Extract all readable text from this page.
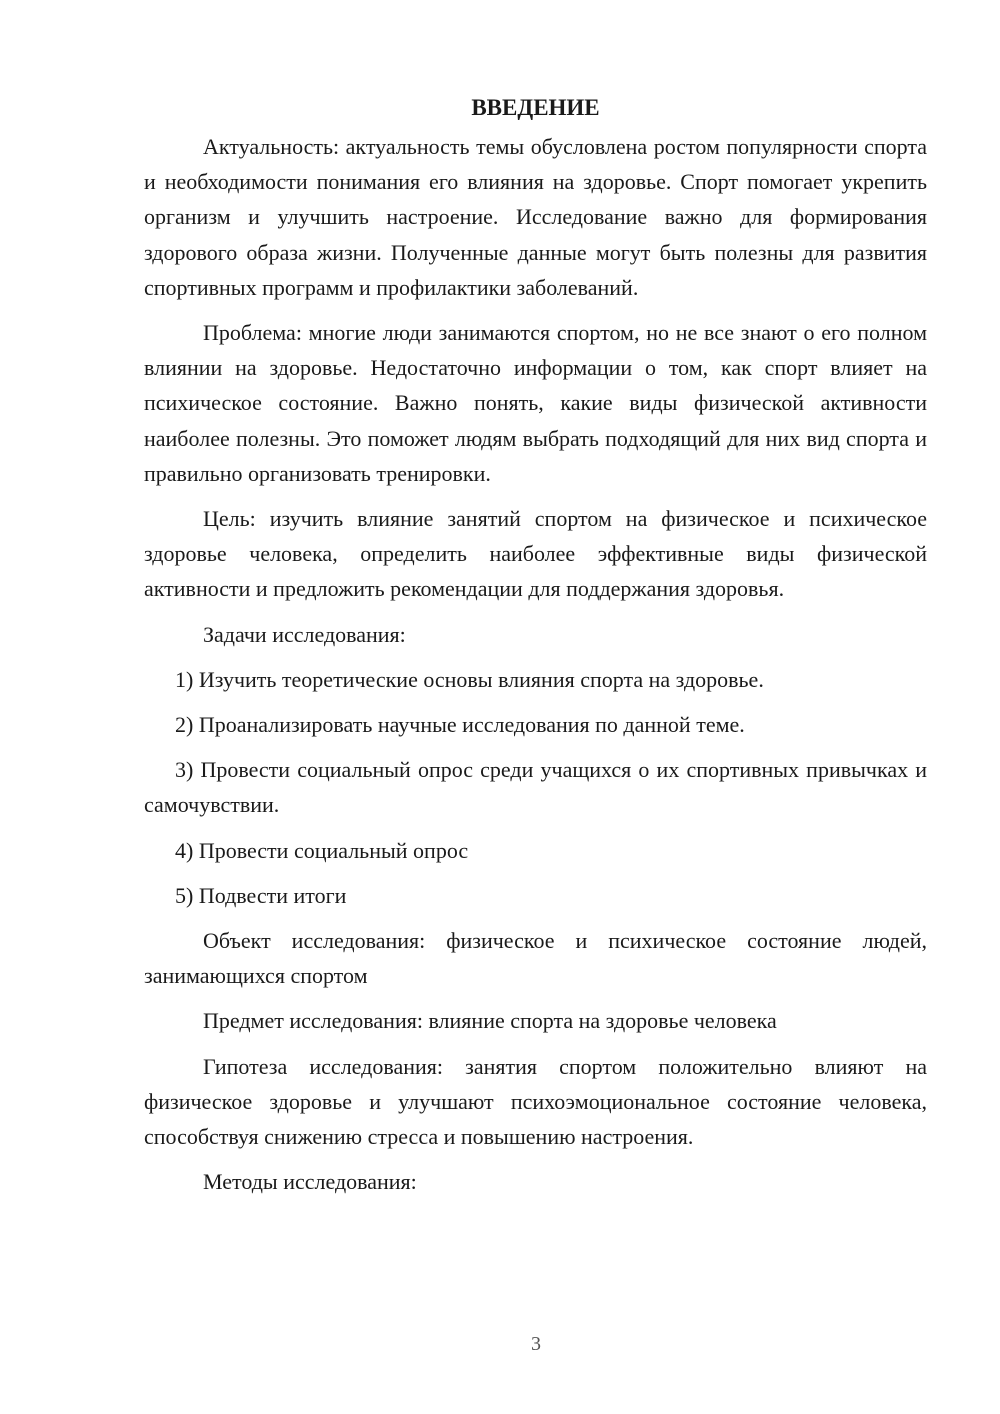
ВВЕДЕНИЕ

Актуальность: актуальность темы обусловлена ростом популярности спорта и необходимости понимания его влияния на здоровье. Спорт помогает укрепить организм и улучшить настроение. Исследование важно для формирования здорового образа жизни. Полученные данные могут быть полезны для развития спортивных программ и профилактики заболеваний.

Проблема: многие люди занимаются спортом, но не все знают о его полном влиянии на здоровье. Недостаточно информации о том, как спорт влияет на психическое состояние. Важно понять, какие виды физической активности наиболее полезны. Это поможет людям выбрать подходящий для них вид спорта и правильно организовать тренировки.

Цель: изучить влияние занятий спортом на физическое и психическое здоровье человека, определить наиболее эффективные виды физической активности и предложить рекомендации для поддержания здоровья.

Задачи исследования:

1) Изучить теоретические основы влияния спорта на здоровье.

2) Проанализировать научные исследования по данной теме.

3) Провести социальный опрос среди учащихся о их спортивных привычках и самочувствии.

4) Провести социальный опрос

5) Подвести итоги

Объект исследования: физическое и психическое состояние людей, занимающихся спортом

Предмет исследования: влияние спорта на здоровье человека

Гипотеза исследования: занятия спортом положительно влияют на физическое здоровье и улучшают психоэмоциональное состояние человека, способствуя снижению стресса и повышению настроения.

Методы исследования:

3
